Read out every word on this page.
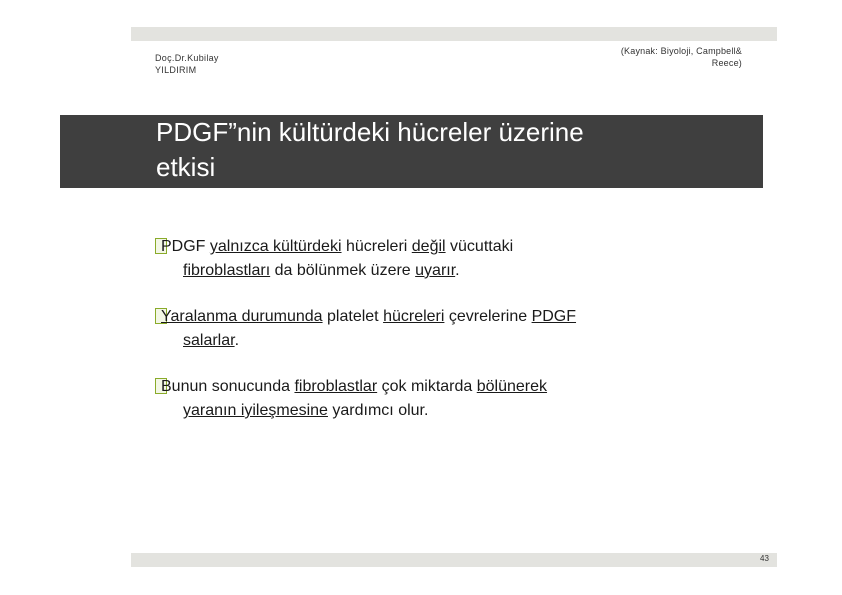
Doç.Dr.Kubilay
YILDIRIM
(Kaynak: Biyoloji, Campbell&
Reece)
PDGF”nin kültürdeki hücreler üzerine
etkisi
PDGF yalnızca kültürdeki hücreleri değil vücuttaki
fibroblastları da bölünmek üzere uyarır.
Yaralanma durumunda platelet hücreleri çevrelerine PDGF
salarlar.
Bunun sonucunda fibroblastlar çok miktarda bölünerek
yaranın iyileşmesine yardımcı olur.
43
